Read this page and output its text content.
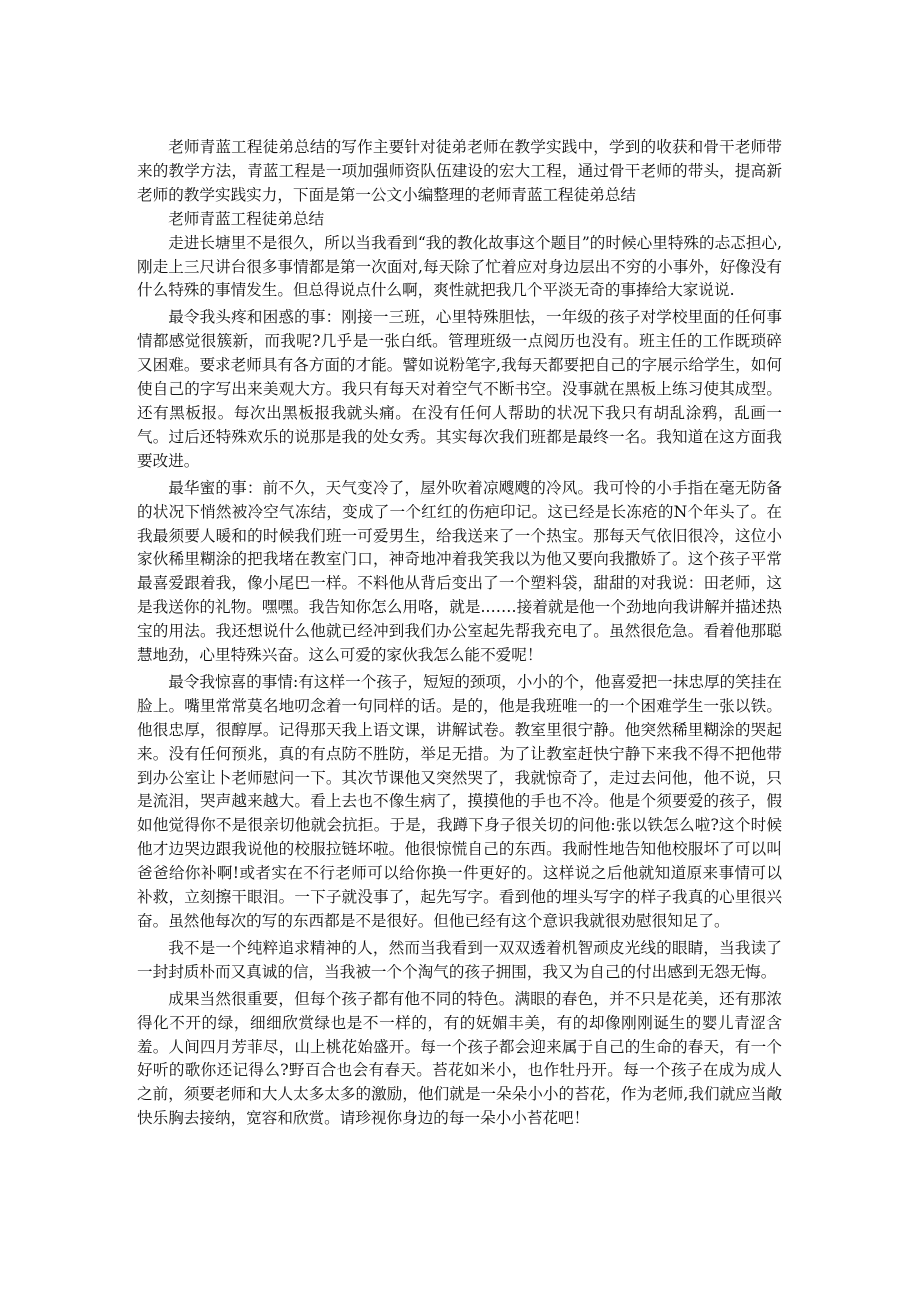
老师青蓝工程徒弟总结的写作主要针对徒弟老师在教学实践中，学到的收获和骨干老师带来的教学方法，青蓝工程是一项加强师资队伍建设的宏大工程，通过骨干老师的带头，提高新老师的教学实践实力，下面是第一公文小编整理的老师青蓝工程徒弟总结

老师青蓝工程徒弟总结

走进长塘里不是很久，所以当我看到“我的教化故事这个题目”的时候心里特殊的忐忑担心,刚走上三尺讲台很多事情都是第一次面对,每天除了忙着应对身边层出不穷的小事外，好像没有什么特殊的事情发生。但总得说点什么啊，爽性就把我几个平淡无奇的事捧给大家说说.

最令我头疼和困惑的事：刚接一三班，心里特殊胆怯，一年级的孩子对学校里面的任何事情都感觉很簇新，而我呢?几乎是一张白纸。管理班级一点阅历也没有。班主任的工作既琐碎又困难。要求老师具有各方面的才能。譬如说粉笔字,我每天都要把自己的字展示给学生，如何使自己的字写出来美观大方。我只有每天对着空气不断书空。没事就在黑板上练习使其成型。还有黑板报。每次出黑板报我就头痛。在没有任何人帮助的状况下我只有胡乱涂鸦，乱画一气。过后还特殊欢乐的说那是我的处女秀。其实每次我们班都是最终一名。我知道在这方面我要改进。

最华蜜的事：前不久，天气变冷了，屋外吹着凉飕飕的冷风。我可怜的小手指在毫无防备的状况下悄然被冷空气冻结，变成了一个红红的伤疤印记。这已经是长冻疮的N个年头了。在我最须要人暖和的时候我们班一可爱男生，给我送来了一个热宝。那每天气依旧很冷，这位小家伙稀里糊涂的把我堵在教室门口，神奇地冲着我笑我以为他又要向我撒娇了。这个孩子平常最喜爱跟着我，像小尾巴一样。不料他从背后变出了一个塑料袋，甜甜的对我说：田老师，这是我送你的礼物。嘿嘿。我告知你怎么用咯，就是.……接着就是他一个劲地向我讲解并描述热宝的用法。我还想说什么他就已经冲到我们办公室起先帮我充电了。虽然很危急。看着他那聪慧地劲，心里特殊兴奋。这么可爱的家伙我怎么能不爱呢！

最令我惊喜的事情:有这样一个孩子，短短的颈项，小小的个，他喜爱把一抹忠厚的笑挂在脸上。嘴里常常莫名地叨念着一句同样的话。是的，他是我班唯一的一个困难学生一张以铁。他很忠厚，很醇厚。记得那天我上语文课，讲解试卷。教室里很宁静。他突然稀里糊涂的哭起来。没有任何预兆，真的有点防不胜防，举足无措。为了让教室赶快宁静下来我不得不把他带到办公室让卜老师慰问一下。其次节课他又突然哭了，我就惊奇了，走过去问他，他不说，只是流泪，哭声越来越大。看上去也不像生病了，摸摸他的手也不冷。他是个须要爱的孩子，假如他觉得你不是很亲切他就会抗拒。于是，我蹲下身子很关切的问他:张以铁怎么啦?这个时候他才边哭边跟我说他的校服拉链坏啦。他很惊慌自己的东西。我耐性地告知他校服坏了可以叫爸爸给你补啊!或者实在不行老师可以给你换一件更好的。这样说之后他就知道原来事情可以补救，立刻擦干眼泪。一下子就没事了，起先写字。看到他的埋头写字的样子我真的心里很兴奋。虽然他每次的写的东西都是不是很好。但他已经有这个意识我就很劝慰很知足了。

我不是一个纯粹追求精神的人，然而当我看到一双双透着机智顽皮光线的眼睛，当我读了一封封质朴而又真诚的信，当我被一个个淘气的孩子拥围，我又为自己的付出感到无怨无悔。

成果当然很重要，但每个孩子都有他不同的特色。满眼的春色，并不只是花美，还有那浓得化不开的绿，细细欣赏绿也是不一样的，有的妩媚丰美，有的却像刚刚诞生的婴儿青涩含羞。人间四月芳菲尽，山上桃花始盛开。每一个孩子都会迎来属于自己的生命的春天，有一个好听的歌你还记得么?野百合也会有春天。苔花如米小，也作牡丹开。每一个孩子在成为成人之前，须要老师和大人太多太多的激励，他们就是一朵朵小小的苔花，作为老师,我们就应当敞快乐胸去接纳，宽容和欣赏。请珍视你身边的每一朵小小苔花吧！
